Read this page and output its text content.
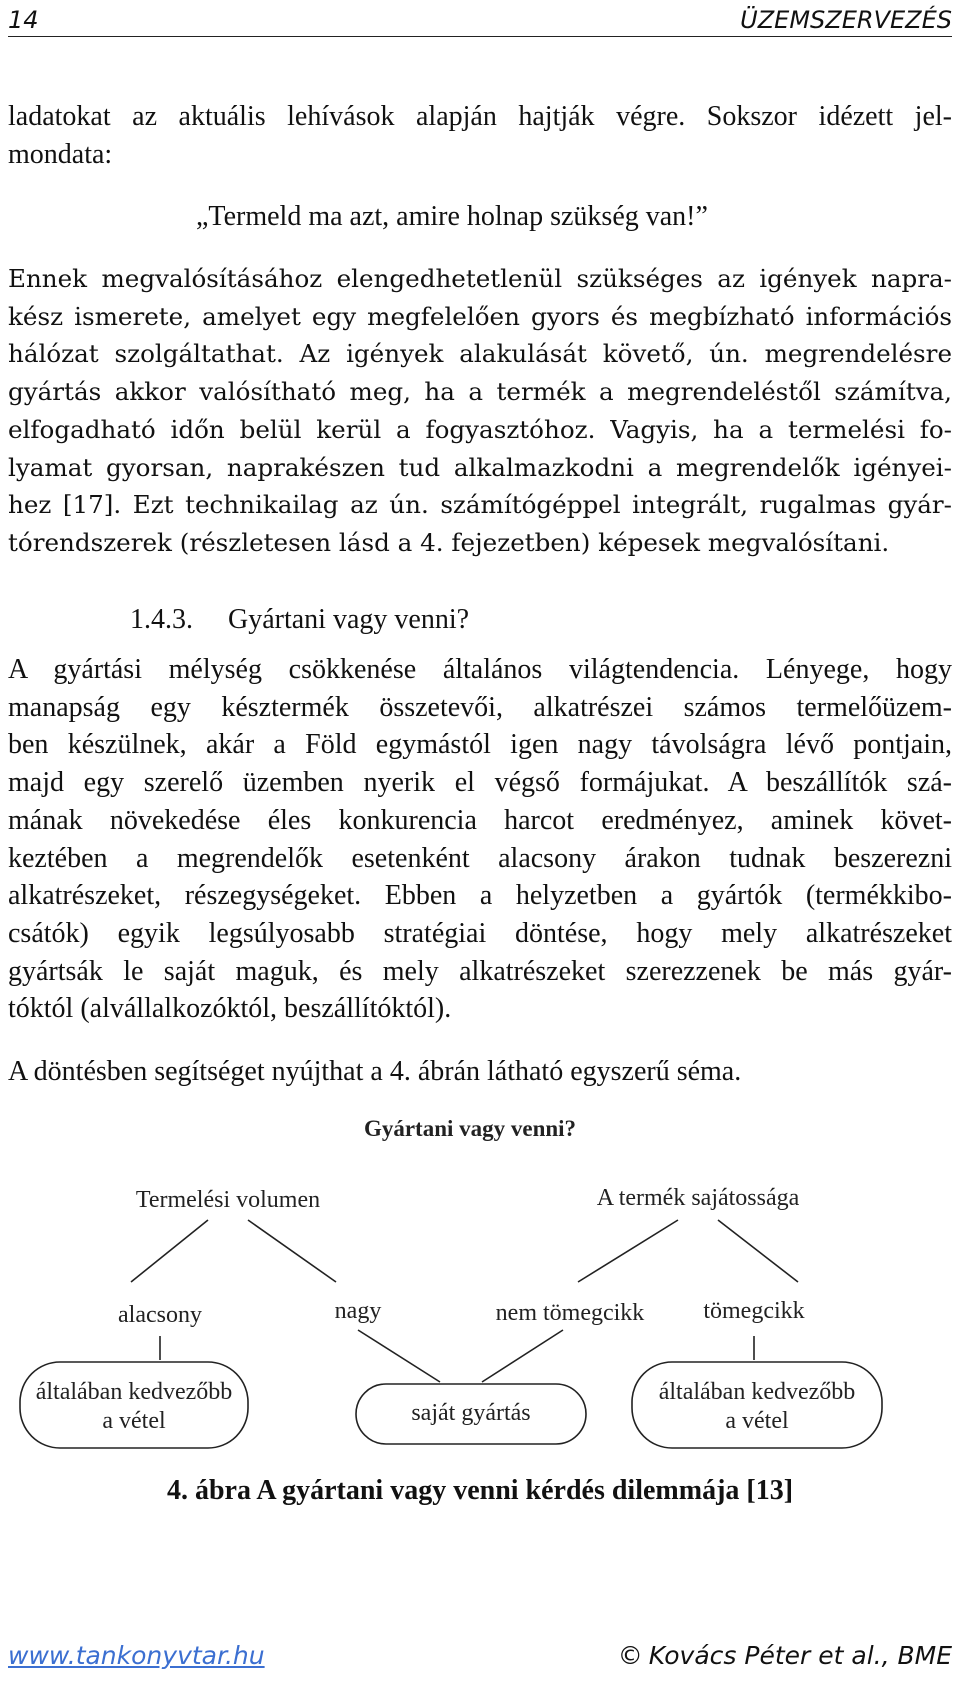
14	ÜZEMSZERVEZÉS
ladatokat az aktuális lehívások alapján hajtják végre. Sokszor idézett jel-
mondata:
„Termeld ma azt, amire holnap szükség van!”
Ennek megvalósításához elengedhetetlenül szükséges az igények napra-
kész ismerete, amelyet egy megfelelően gyors és megbízható információs
hálózat szolgáltathat. Az igények alakulását követő, ún. megrendelésre
gyártás akkor valósítható meg, ha a termék a megrendeléstől számítva,
elfogadható időn belül kerül a fogyasztóhoz. Vagyis, ha a termelési fo-
lyamat gyorsan, naprakészen tud alkalmazkodni a megrendelők igényei-
hez [17]. Ezt technikailag az ún. számítógéppel integrált, rugalmas gyár-
tórendszerek (részletesen lásd a 4. fejezetben) képesek megvalósítani.
1.4.3. Gyártani vagy venni?
A gyártási mélység csökkenése általános világtendencia. Lényege, hogy
manapság egy késztermék összetevői, alkatrészei számos termelőüzem-
ben készülnek, akár a Föld egymástól igen nagy távolságra lévő pontjain,
majd egy szerelő üzemben nyerik el végső formájukat. A beszállítók szá-
mának növekedése éles konkurencia harcot eredményez, aminek követ-
keztében a megrendelők esetenként alacsony árakon tudnak beszerezni
alkatrészeket, részegységeket. Ebben a helyzetben a gyártók (termékkibo-
csátók) egyik legsúlyosabb stratégiai döntése, hogy mely alkatrészeket
gyártsák le saját maguk, és mely alkatrészeket szerezzenek be más gyár-
tóktól (alvállalkozóktól, beszállítóktól).
A döntésben segítséget nyújthat a 4. ábrán látható egyszerű séma.
Gyártani vagy venni?
Termelési volumen	A termék sajátossága
alacsony	nagy	nem tömegcikk tömegcikk
általában kedvezőbb
a vétel	saját gyártás
általában kedvezőbb
a vétel
4. ábra A gyártani vagy venni kérdés dilemmája [13]
www.tankonyvtar.hu	© Kovács Péter et al., BME
